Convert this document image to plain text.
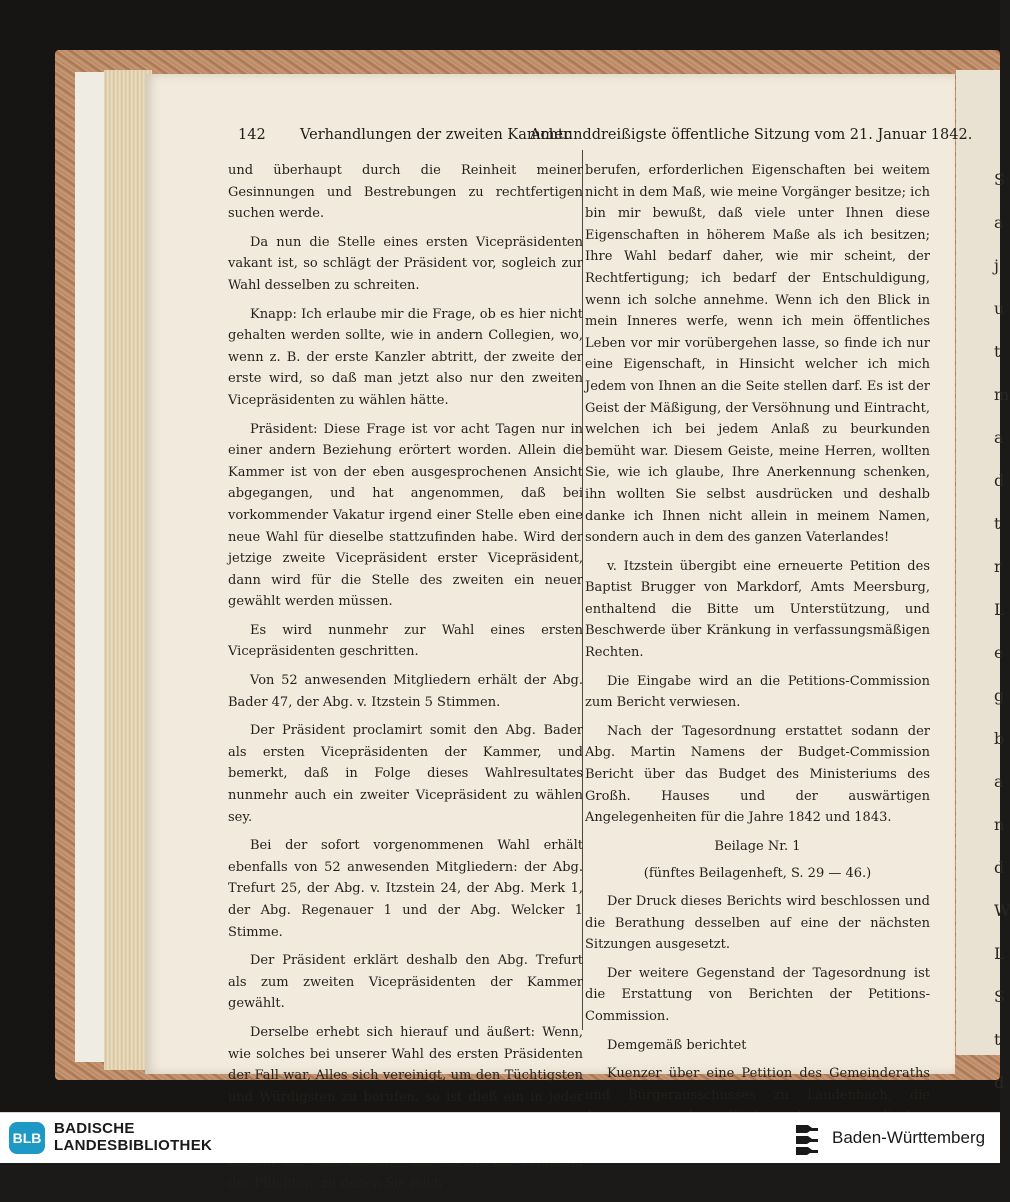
S
a
j
u
t
m
a
d
t
r
L
e
g
b
a
n
d
W
L
S
t
d
142 Verhandlungen der zweiten Kammer.
Achtunddreißigste öffentliche Sitzung vom 21. Januar 1842.

und überhaupt durch die Reinheit meiner Gesinnungen und Bestrebungen zu rechtfertigen suchen werde.

Da nun die Stelle eines ersten Vicepräsidenten vakant ist, so schlägt der Präsident vor, sogleich zur Wahl desselben zu schreiten.

Knapp: Ich erlaube mir die Frage, ob es hier nicht gehalten werden sollte, wie in andern Collegien, wo, wenn z. B. der erste Kanzler abtritt, der zweite der erste wird, so daß man jetzt also nur den zweiten Vicepräsidenten zu wählen hätte.

Präsident: Diese Frage ist vor acht Tagen nur in einer andern Beziehung erörtert worden. Allein die Kammer ist von der eben ausgesprochenen Ansicht abgegangen, und hat angenommen, daß bei vorkommender Vakatur irgend einer Stelle eben eine neue Wahl für dieselbe stattzufinden habe. Wird der jetzige zweite Vicepräsident erster Vicepräsident, dann wird für die Stelle des zweiten ein neuer gewählt werden müssen.

Es wird nunmehr zur Wahl eines ersten Vicepräsidenten geschritten.

Von 52 anwesenden Mitgliedern erhält der Abg. Bader 47, der Abg. v. Itzstein 5 Stimmen.

Der Präsident proclamirt somit den Abg. Bader als ersten Vicepräsidenten der Kammer, und bemerkt, daß in Folge dieses Wahlresultates nunmehr auch ein zweiter Vicepräsident zu wählen sey.

Bei der sofort vorgenommenen Wahl erhält ebenfalls von 52 anwesenden Mitgliedern: der Abg. Trefurt 25, der Abg. v. Itzstein 24, der Abg. Merk 1, der Abg. Regenauer 1 und der Abg. Welcker 1 Stimme.

Der Präsident erklärt deshalb den Abg. Trefurt als zum zweiten Vicepräsidenten der Kammer gewählt.

Derselbe erhebt sich hierauf und äußert: Wenn, wie solches bei unserer Wahl des ersten Präsidenten der Fall war, Alles sich vereinigt, um den Tüchtigsten und Würdigsten zu berufen, so ist dieß ein in jeder der Pflichten, zu denen Sie mich

berufen, erforderlichen Eigenschaften bei weitem nicht in dem Maß, wie meine Vorgänger besitze; ich bin mir bewußt, daß viele unter Ihnen diese Eigenschaften in höherem Maße als ich besitzen; Ihre Wahl bedarf daher, wie mir scheint, der Rechtfertigung; ich bedarf der Entschuldigung, wenn ich solche annehme. Wenn ich den Blick in mein Inneres werfe, wenn ich mein öffentliches Leben vor mir vorübergehen lasse, so finde ich nur eine Eigenschaft, in Hinsicht welcher ich mich Jedem von Ihnen an die Seite stellen darf. Es ist der Geist der Mäßigung, der Versöhnung und Eintracht, welchen ich bei jedem Anlaß zu beurkunden bemüht war. Diesem Geiste, meine Herren, wollten Sie, wie ich glaube, Ihre Anerkennung schenken, ihn wollten Sie selbst ausdrücken und deshalb danke ich Ihnen nicht allein in meinem Namen, sondern auch in dem des ganzen Vaterlandes!

v. Itzstein übergibt eine erneuerte Petition des Baptist Brugger von Markdorf, Amts Meersburg, enthaltend die Bitte um Unterstützung, und Beschwerde über Kränkung in verfassungsmäßigen Rechten.

Die Eingabe wird an die Petitions-Commission zum Bericht verwiesen.

Nach der Tagesordnung erstattet sodann der Abg. Martin Namens der Budget-Commission Bericht über das Budget des Ministeriums des Großh. Hauses und der auswärtigen Angelegenheiten für die Jahre 1842 und 1843.

Beilage Nr. 1

(fünftes Beilagenheft, S. 29 — 46.)

Der Druck dieses Berichts wird beschlossen und die Berathung desselben auf eine der nächsten Sitzungen ausgesetzt.

Der weitere Gegenstand der Tagesordnung ist die Erstattung von Berichten der Petitions-Commission.

Demgemäß berichtet

Kuenzer über eine Petition des Gemeinderaths und Bürgerausschusses zu Laudenbach, die

BLB
BADISCHE
LANDESBIBLIOTHEK	Baden-Württemberg
